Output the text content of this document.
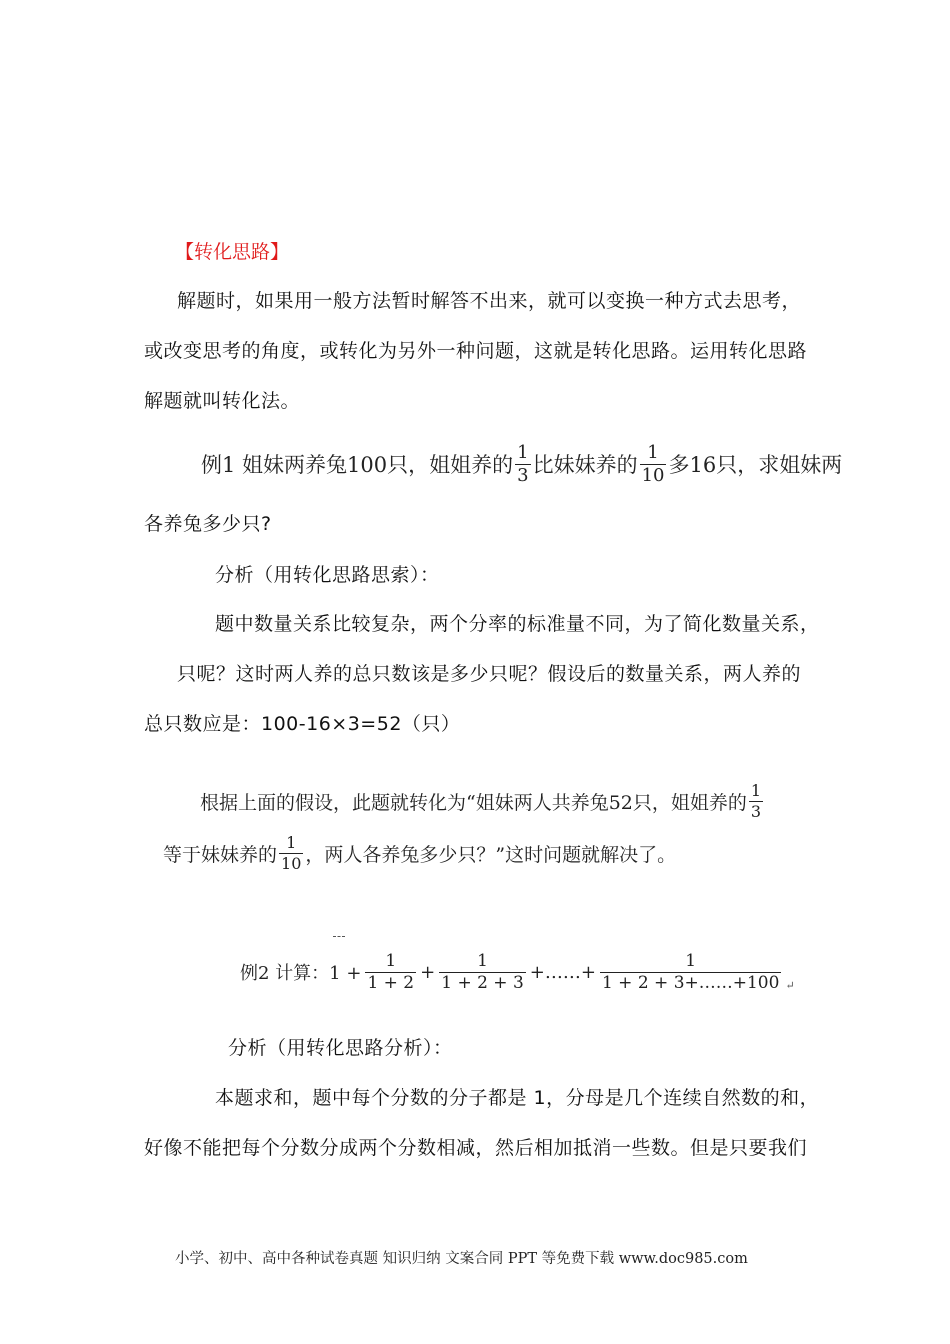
【转化思路】
解题时，如果用一般方法暂时解答不出来，就可以变换一种方式去思考，
或改变思考的角度，或转化为另外一种问题，这就是转化思路。运用转化思路
解题就叫转化法。
例1 姐妹两养兔100只，姐姐养的 $\frac{1}{3}$ 比妹妹养的 $\frac{1}{10}$ 多16只，求姐妹两
各养兔多少只?
分析（用转化思路思索）：
题中数量关系比较复杂，两个分率的标准量不同，为了简化数量关系，
只呢？这时两人养的总只数该是多少只呢？假设后的数量关系，两人养的
总只数应是：100-16×3=52（只）
根据上面的假设，此题就转化为“姐妹两人共养兔52只，姐姐养的 $\frac{1}{3}$
等于妹妹养的 $\frac{1}{10}$ ，两人各养兔多少只？”这时问题就解决了。
例2 计算：$1 + \frac{1}{1 + 2} + \frac{1}{1 + 2 + 3}$ +……+ $\frac{1}{1 + 2 + 3+\dots\dots+100}$ ↵
分析（用转化思路分析）：
本题求和，题中每个分数的分子都是 1，分母是几个连续自然数的和，
好像不能把每个分数分成两个分数相减，然后相加抵消一些数。但是只要我们
小学、初中、高中各种试卷真题 知识归纳 文案合同 PPT 等免费下载 www.doc985.com
